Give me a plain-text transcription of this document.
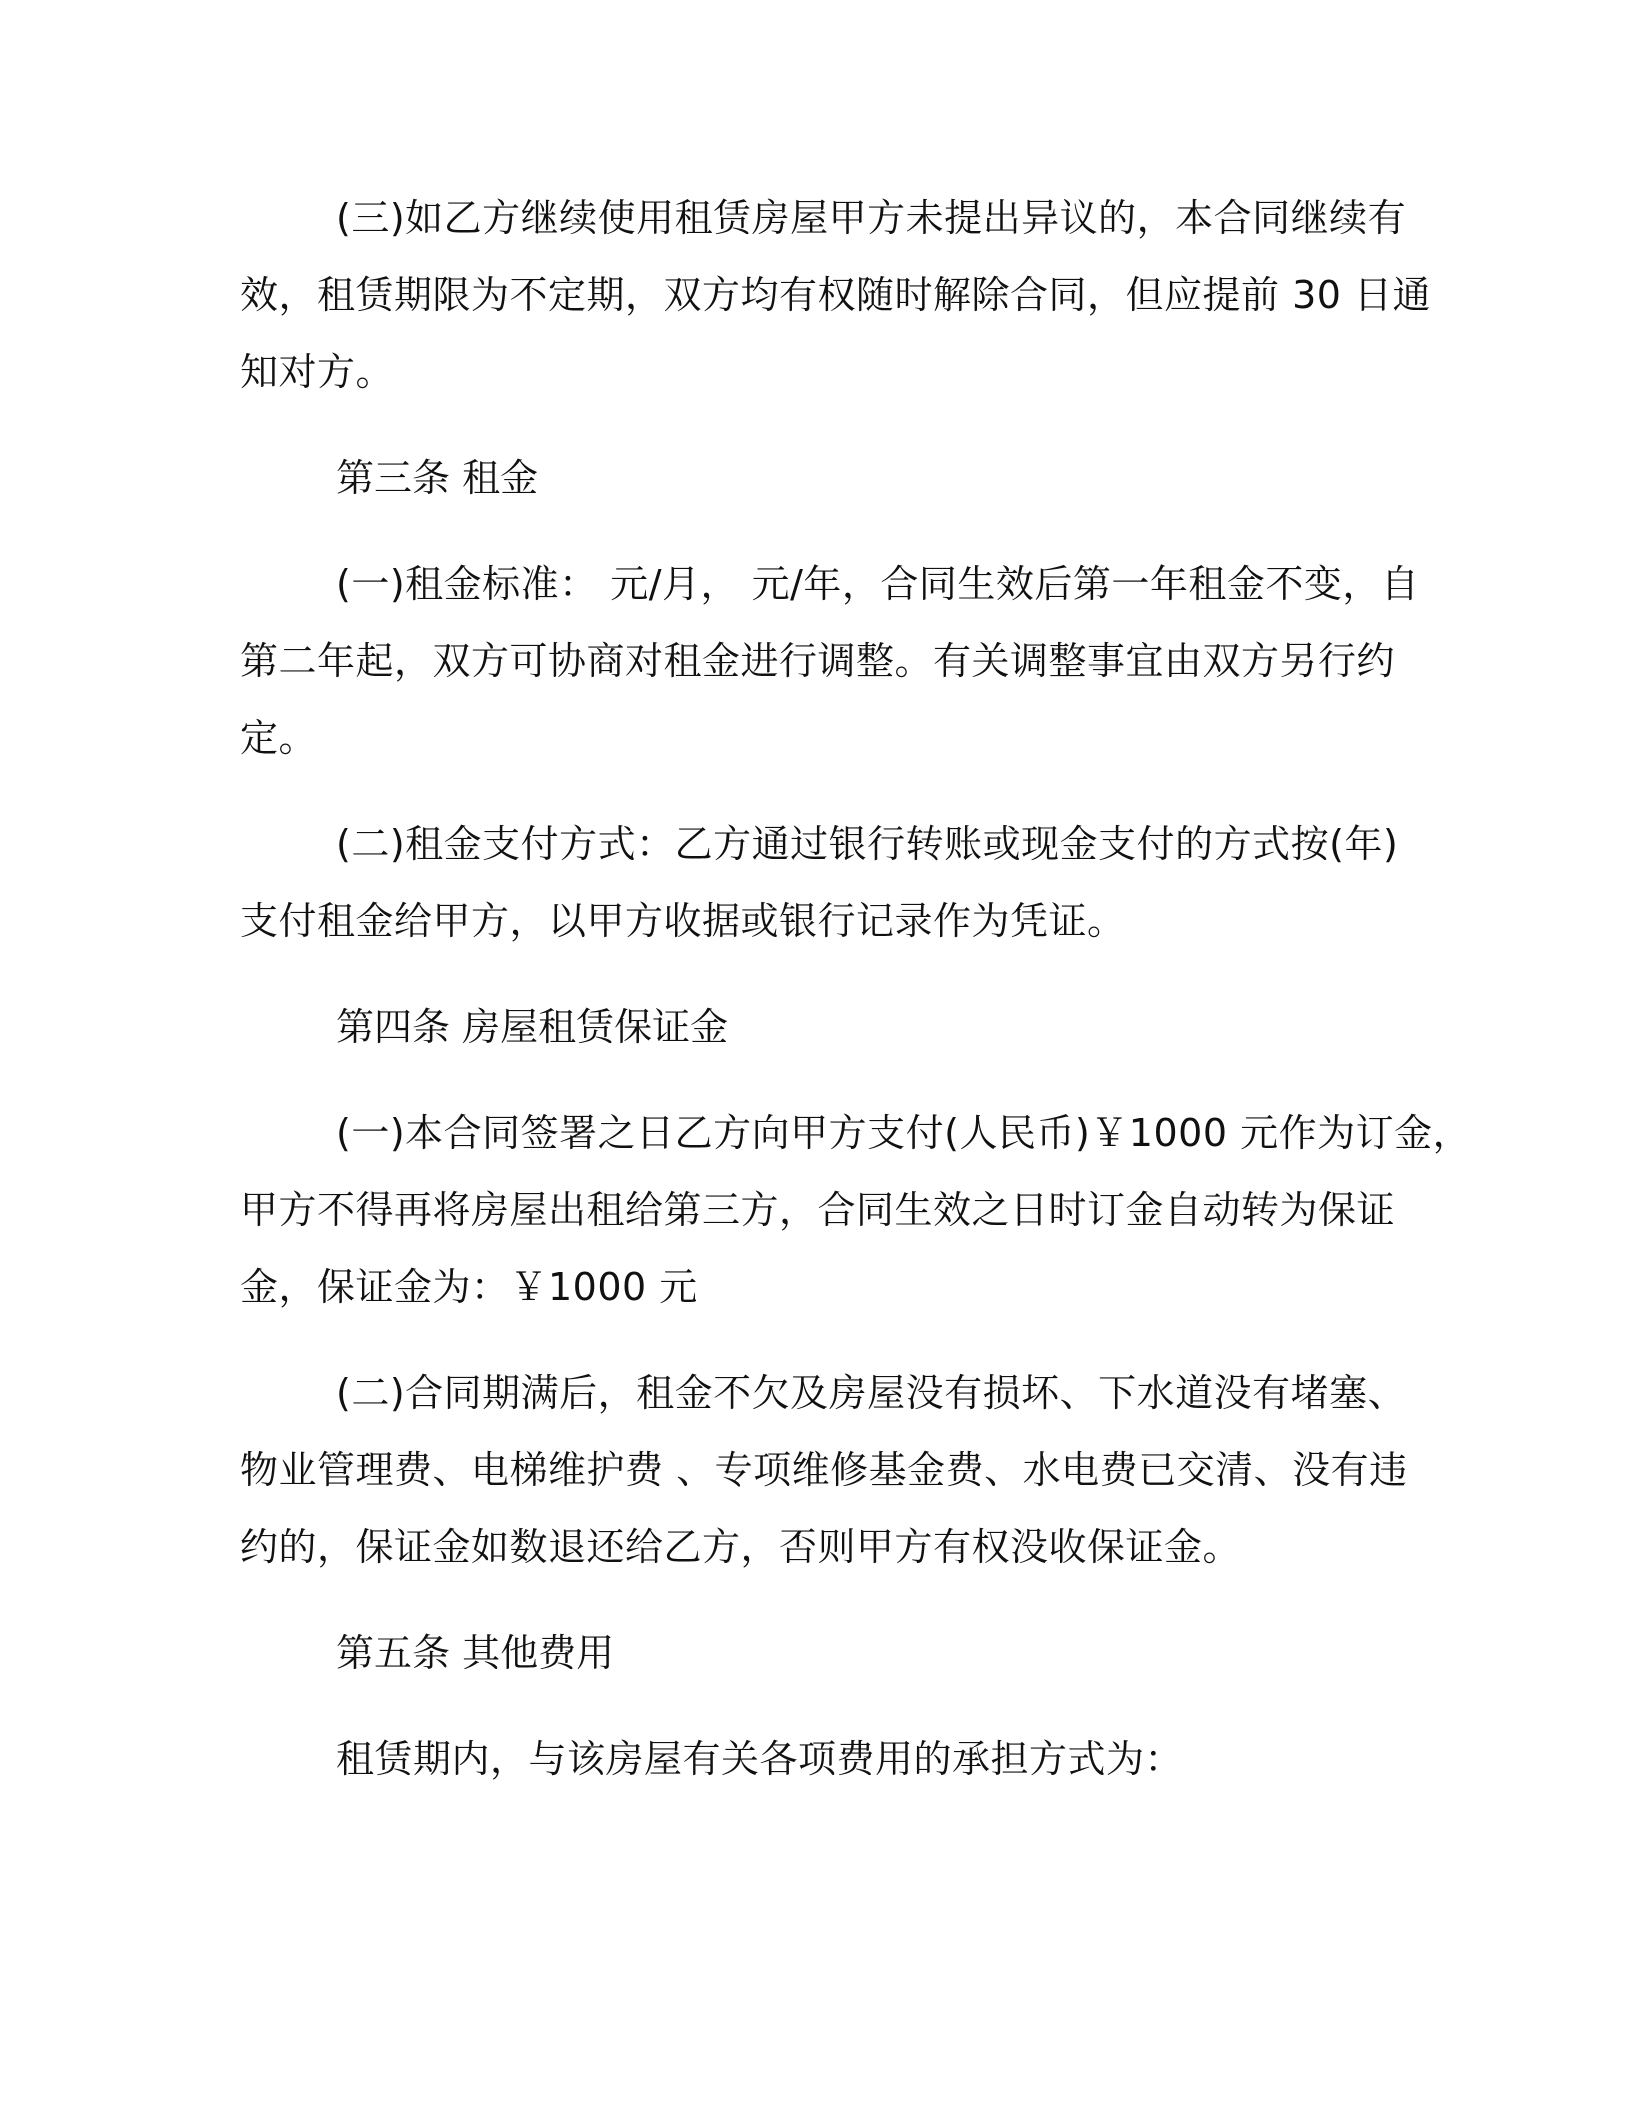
(三)如乙方继续使用租赁房屋甲方未提出异议的，本合同继续有
效，租赁期限为不定期，双方均有权随时解除合同，但应提前 30 日通
知对方。
第三条 租金
(一)租金标准： 元/月， 元/年，合同生效后第一年租金不变，自
第二年起，双方可协商对租金进行调整。有关调整事宜由双方另行约
定。
(二)租金支付方式：乙方通过银行转账或现金支付的方式按(年)
支付租金给甲方，以甲方收据或银行记录作为凭证。
第四条 房屋租赁保证金
(一)本合同签署之日乙方向甲方支付(人民币)￥1000 元作为订金，
甲方不得再将房屋出租给第三方，合同生效之日时订金自动转为保证
金，保证金为：￥1000 元
(二)合同期满后，租金不欠及房屋没有损坏、下水道没有堵塞、
物业管理费、电梯维护费 、专项维修基金费、水电费已交清、没有违
约的，保证金如数退还给乙方，否则甲方有权没收保证金。
第五条 其他费用
租赁期内，与该房屋有关各项费用的承担方式为：
